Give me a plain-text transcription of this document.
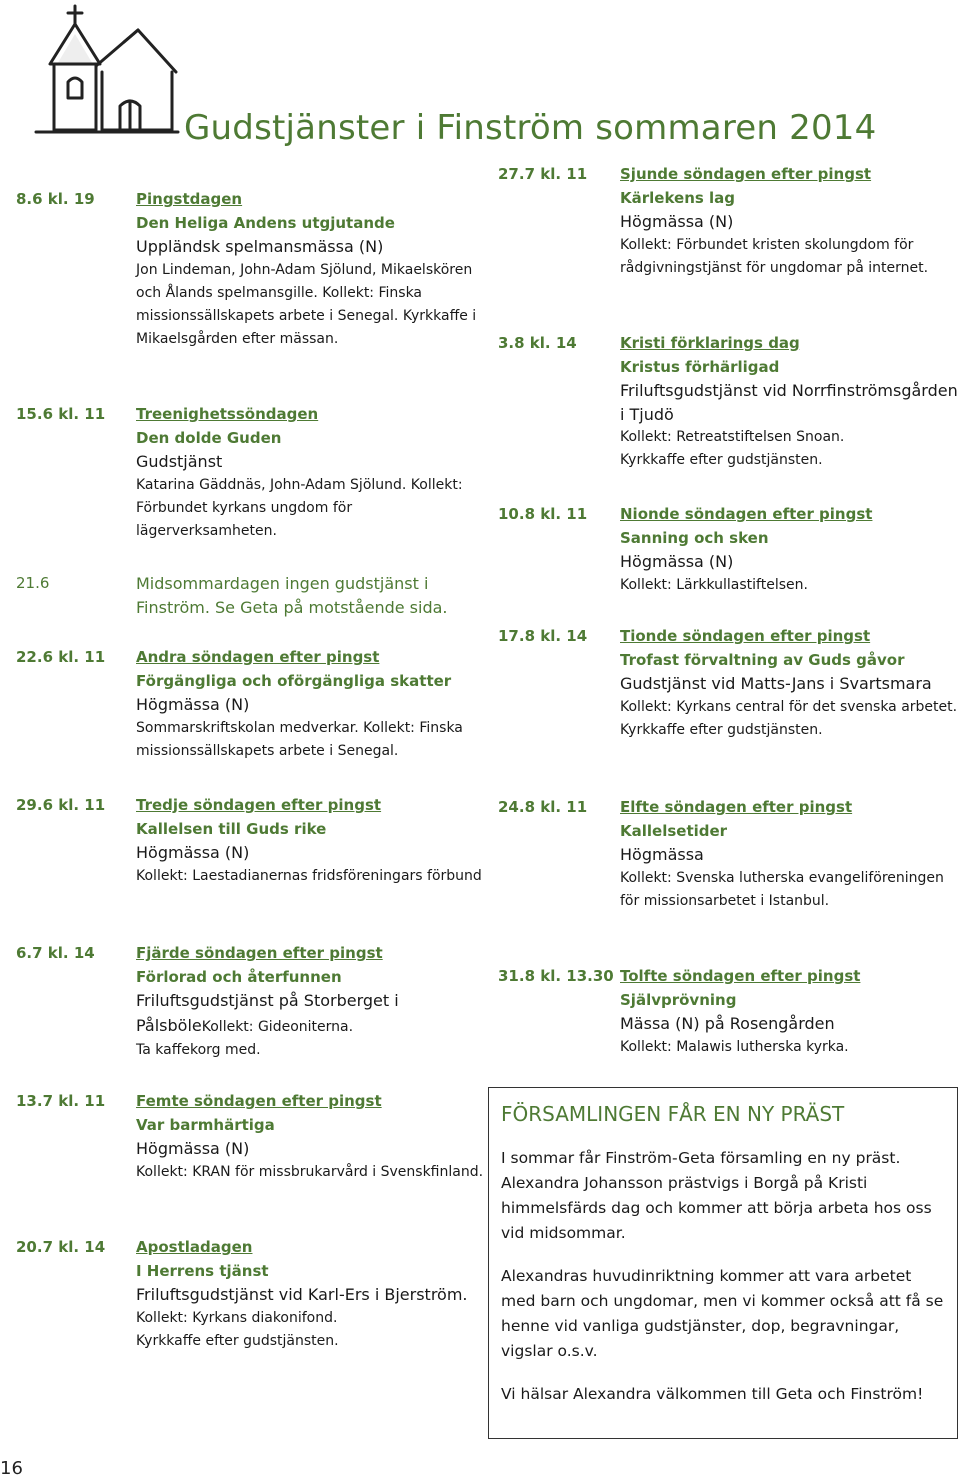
Gudstjänster i Finström sommaren 2014
8.6 kl. 19	Pingstdagen
Den Heliga Andens utgjutande
Uppländsk spelmansmässa (N)
Jon Lindeman, John-Adam Sjölund, Mikaelskören och Ålands spelmansgille. Kollekt: Finska missionssällskapets arbete i Senegal. Kyrkkaffe i Mikaelsgården efter mässan.
15.6 kl. 11	Treenighetssöndagen
Den dolde Guden
Gudstjänst
Katarina Gäddnäs, John-Adam Sjölund. Kollekt: Förbundet kyrkans ungdom för lägerverksamheten.
21.6	Midsommardagen ingen gudstjänst i Finström. Se Geta på motstående sida.
22.6 kl. 11	Andra söndagen efter pingst
Förgängliga och oförgängliga skatter
Högmässa (N)
Sommarskriftskolan medverkar. Kollekt: Finska missionssällskapets arbete i Senegal.
29.6 kl. 11	Tredje söndagen efter pingst
Kallelsen till Guds rike
Högmässa (N)
Kollekt: Laestadianernas fridsföreningars förbund
6.7 kl. 14	Fjärde söndagen efter pingst
Förlorad och återfunnen
Friluftsgudstjänst på Storberget i PålsböleKollekt: Gideoniterna.
Ta kaffekorg med.
13.7 kl. 11	Femte söndagen efter pingst
Var barmhärtiga
Högmässa (N)
Kollekt: KRAN för missbrukarvård i Svenskfinland.
20.7 kl. 14	Apostladagen
I Herrens tjänst
Friluftsgudstjänst vid Karl-Ers i Bjerström.
Kollekt: Kyrkans diakonifond.
Kyrkkaffe efter gudstjänsten.
27.7 kl. 11	Sjunde söndagen efter pingst
Kärlekens lag
Högmässa (N)
Kollekt: Förbundet kristen skolungdom för rådgivningstjänst för ungdomar på internet.
3.8 kl. 14	Kristi förklarings dag
Kristus förhärligad
Friluftsgudstjänst vid Norrfinströmsgården i Tjudö
Kollekt: Retreatstiftelsen Snoan.
Kyrkkaffe efter gudstjänsten.
10.8 kl. 11	Nionde söndagen efter pingst
Sanning och sken
Högmässa (N)
Kollekt: Lärkkullastiftelsen.
17.8 kl. 14	Tionde söndagen efter pingst
Trofast förvaltning av Guds gåvor
Gudstjänst vid Matts-Jans i Svartsmara
Kollekt: Kyrkans central för det svenska arbetet.
Kyrkkaffe efter gudstjänsten.
24.8 kl. 11	Elfte söndagen efter pingst
Kallelsetider
Högmässa
Kollekt: Svenska lutherska evangeliföreningen för missionsarbetet i Istanbul.
31.8 kl. 13.30 Tolfte söndagen efter pingst
Självprövning
Mässa (N) på Rosengården
Kollekt: Malawis lutherska kyrka.
FÖRSAMLINGEN FÅR EN NY PRÄST

I sommar får Finström-Geta församling en ny präst. Alexandra Johansson prästvigs i Borgå på Kristi himmelsfärds dag och kommer att börja arbeta hos oss vid midsommar.

Alexandras huvudinriktning kommer att vara arbetet med barn och ungdomar, men vi kommer också att få se henne vid vanliga gudstjänster, dop, begravningar, vigslar o.s.v.

Vi hälsar Alexandra välkommen till Geta och Finström!

16
